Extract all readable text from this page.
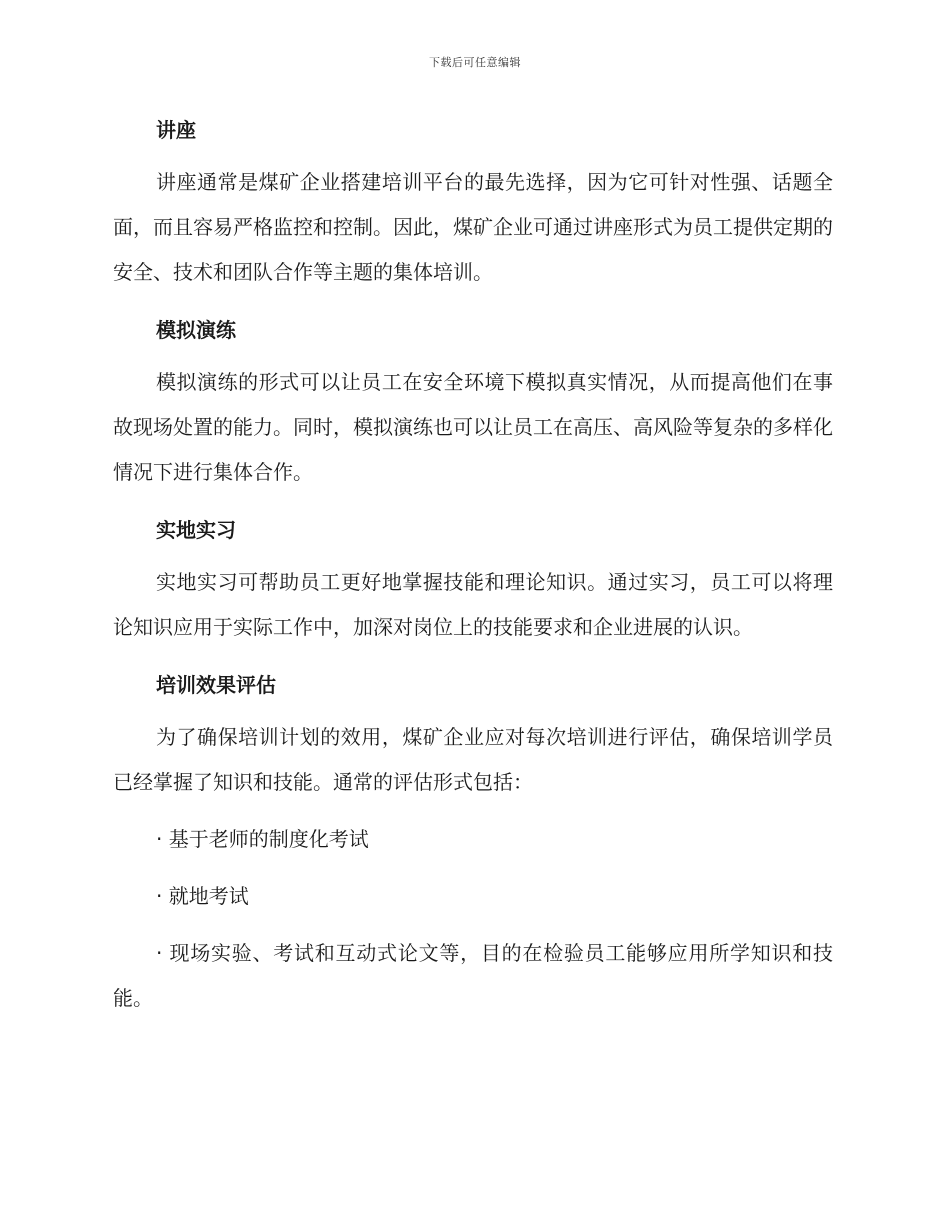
下载后可任意编辑
讲座

讲座通常是煤矿企业搭建培训平台的最先选择，因为它可针对性强、话题全面，而且容易严格监控和控制。因此，煤矿企业可通过讲座形式为员工提供定期的安全、技术和团队合作等主题的集体培训。

模拟演练

模拟演练的形式可以让员工在安全环境下模拟真实情况，从而提高他们在事故现场处置的能力。同时，模拟演练也可以让员工在高压、高风险等复杂的多样化情况下进行集体合作。

实地实习

实地实习可帮助员工更好地掌握技能和理论知识。通过实习，员工可以将理论知识应用于实际工作中，加深对岗位上的技能要求和企业进展的认识。

培训效果评估

为了确保培训计划的效用，煤矿企业应对每次培训进行评估，确保培训学员已经掌握了知识和技能。通常的评估形式包括：

· 基于老师的制度化考试

· 就地考试

· 现场实验、考试和互动式论文等，目的在检验员工能够应用所学知识和技能。
